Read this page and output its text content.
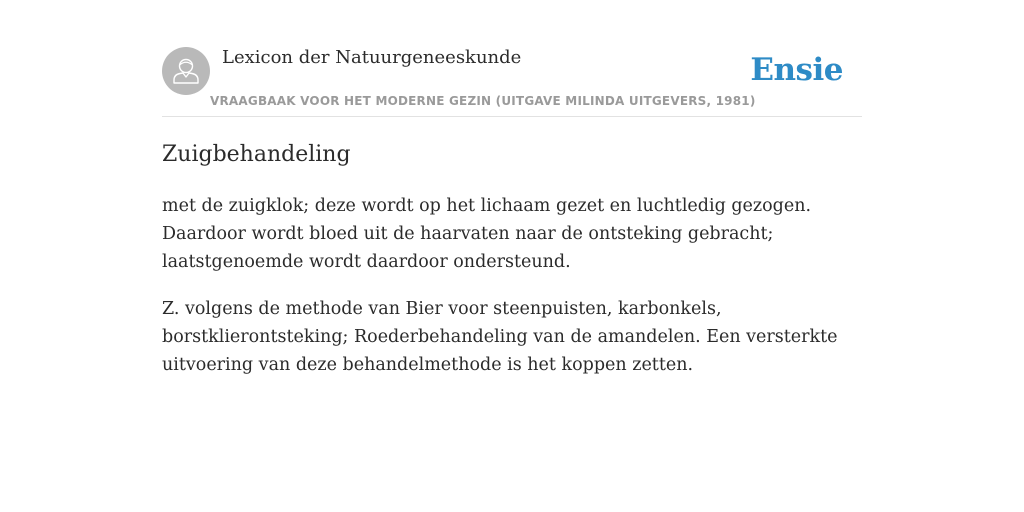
Lexicon der Natuurgeneeskunde	Ensie
VRAAGBAAK VOOR HET MODERNE GEZIN (UITGAVE MILINDA UITGEVERS, 1981)
Zuigbehandeling

met de zuigklok; deze wordt op het lichaam gezet en luchtledig gezogen.
Daardoor wordt bloed uit de haarvaten naar de ontsteking gebracht;
laatstgenoemde wordt daardoor ondersteund.

Z. volgens de methode van Bier voor steenpuisten, karbonkels,
borstklierontsteking; Roederbehandeling van de amandelen. Een versterkte
uitvoering van deze behandelmethode is het koppen zetten.
